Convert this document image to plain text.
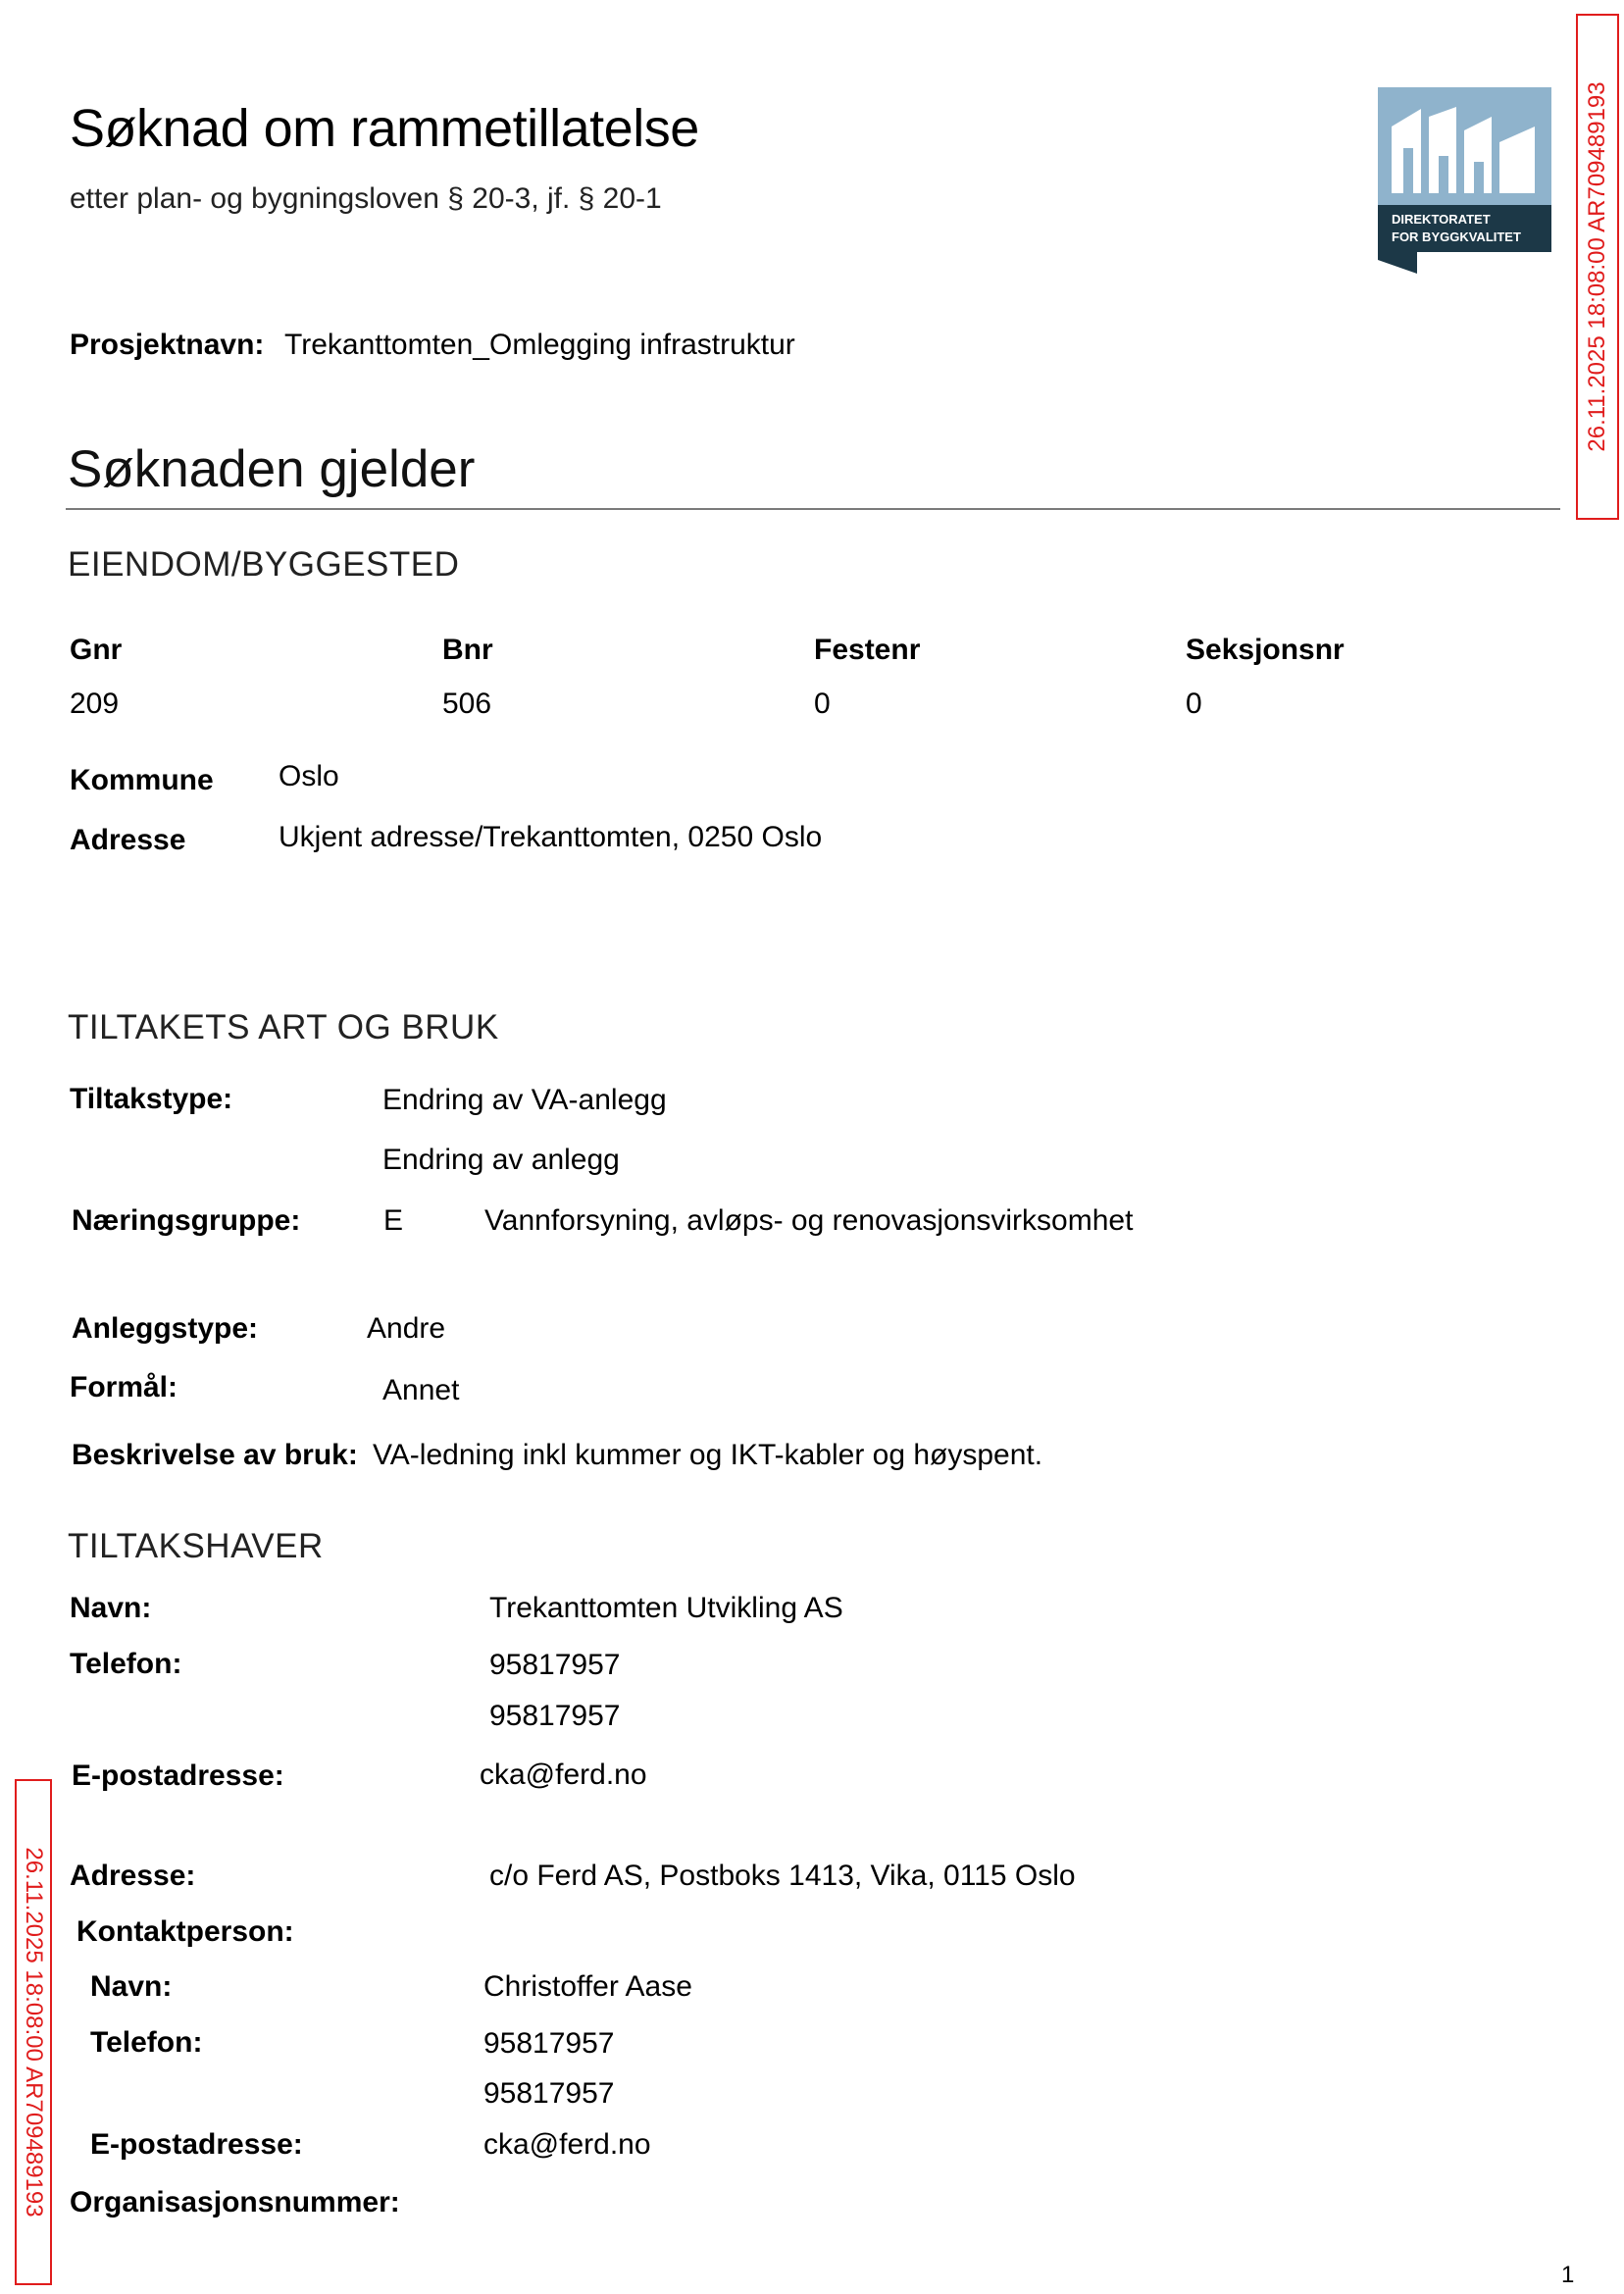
Søknad om rammetillatelse
etter plan- og bygningsloven § 20-3, jf. § 20-1
DIREKTORATET
FOR BYGGKVALITET	26.11.2025 18:08:00 AR709489193
Prosjektnavn: Trekanttomten_Omlegging infrastruktur
Søknaden gjelder
EIENDOM/BYGGESTED
Gnr	Bnr	Festenr	Seksjonsnr
209	506	0	0
Kommune Oslo
Adresse	Ukjent adresse/Trekanttomten, 0250 Oslo
TILTAKETS ART OG BRUK
Tiltakstype:	Endring av VA-anlegg
Endring av anlegg
Næringsgruppe:	E	Vannforsyning, avløps- og renovasjonsvirksomhet
Anleggstype:	Andre
Formål:	Annet
Beskrivelse av bruk: VA-ledning inkl kummer og IKT-kabler og høyspent.
TILTAKSHAVER
Navn:	Trekanttomten Utvikling AS
Telefon:	95817957
95817957
E-postadresse:	cka@ferd.no
26.11.2025 18:08:00 AR709489193 Adresse:	c/o Ferd AS, Postboks 1413, Vika, 0115 Oslo
Kontaktperson:
Navn:	Christoffer Aase
Telefon:	95817957
95817957
E-postadresse:	cka@ferd.no
Organisasjonsnummer:
1
